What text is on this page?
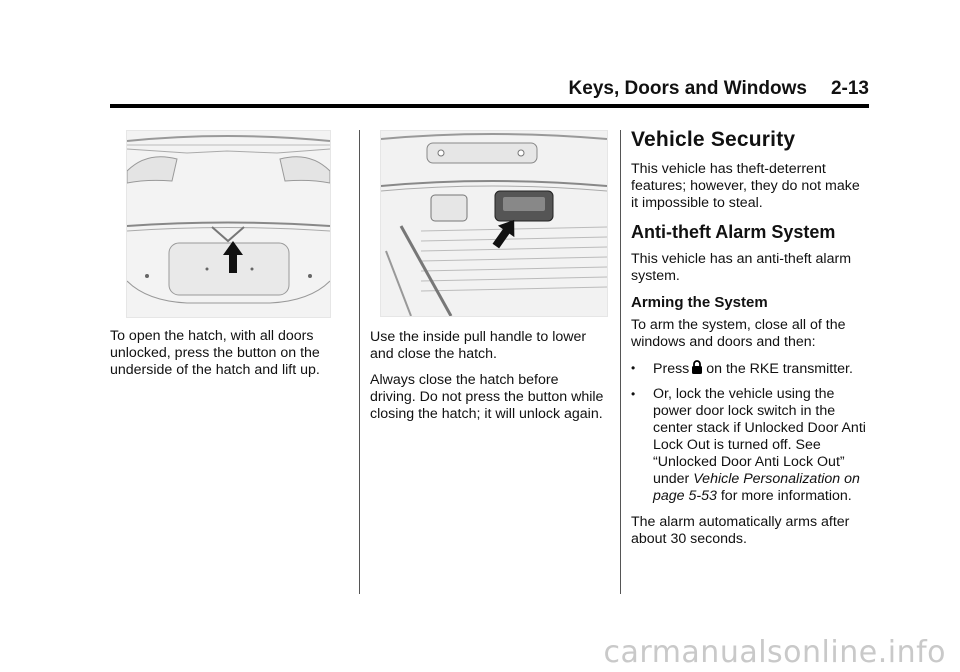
Keys, Doors and Windows 2-13

To open the hatch, with all doors unlocked, press the button on the underside of the hatch and lift up.

Use the inside pull handle to lower and close the hatch.

Always close the hatch before driving. Do not press the button while closing the hatch; it will unlock again.

Vehicle Security

This vehicle has theft-deterrent features; however, they do not make it impossible to steal.

Anti-theft Alarm System

This vehicle has an anti-theft alarm system.

Arming the System

To arm the system, close all of the windows and doors and then:

• Press on the RKE transmitter.
• Or, lock the vehicle using the power door lock switch in the center stack if Unlocked Door Anti Lock Out is turned off. See “Unlocked Door Anti Lock Out” under Vehicle Personalization on page 5-53 for more information.

The alarm automatically arms after about 30 seconds.

carmanualsonline.info
